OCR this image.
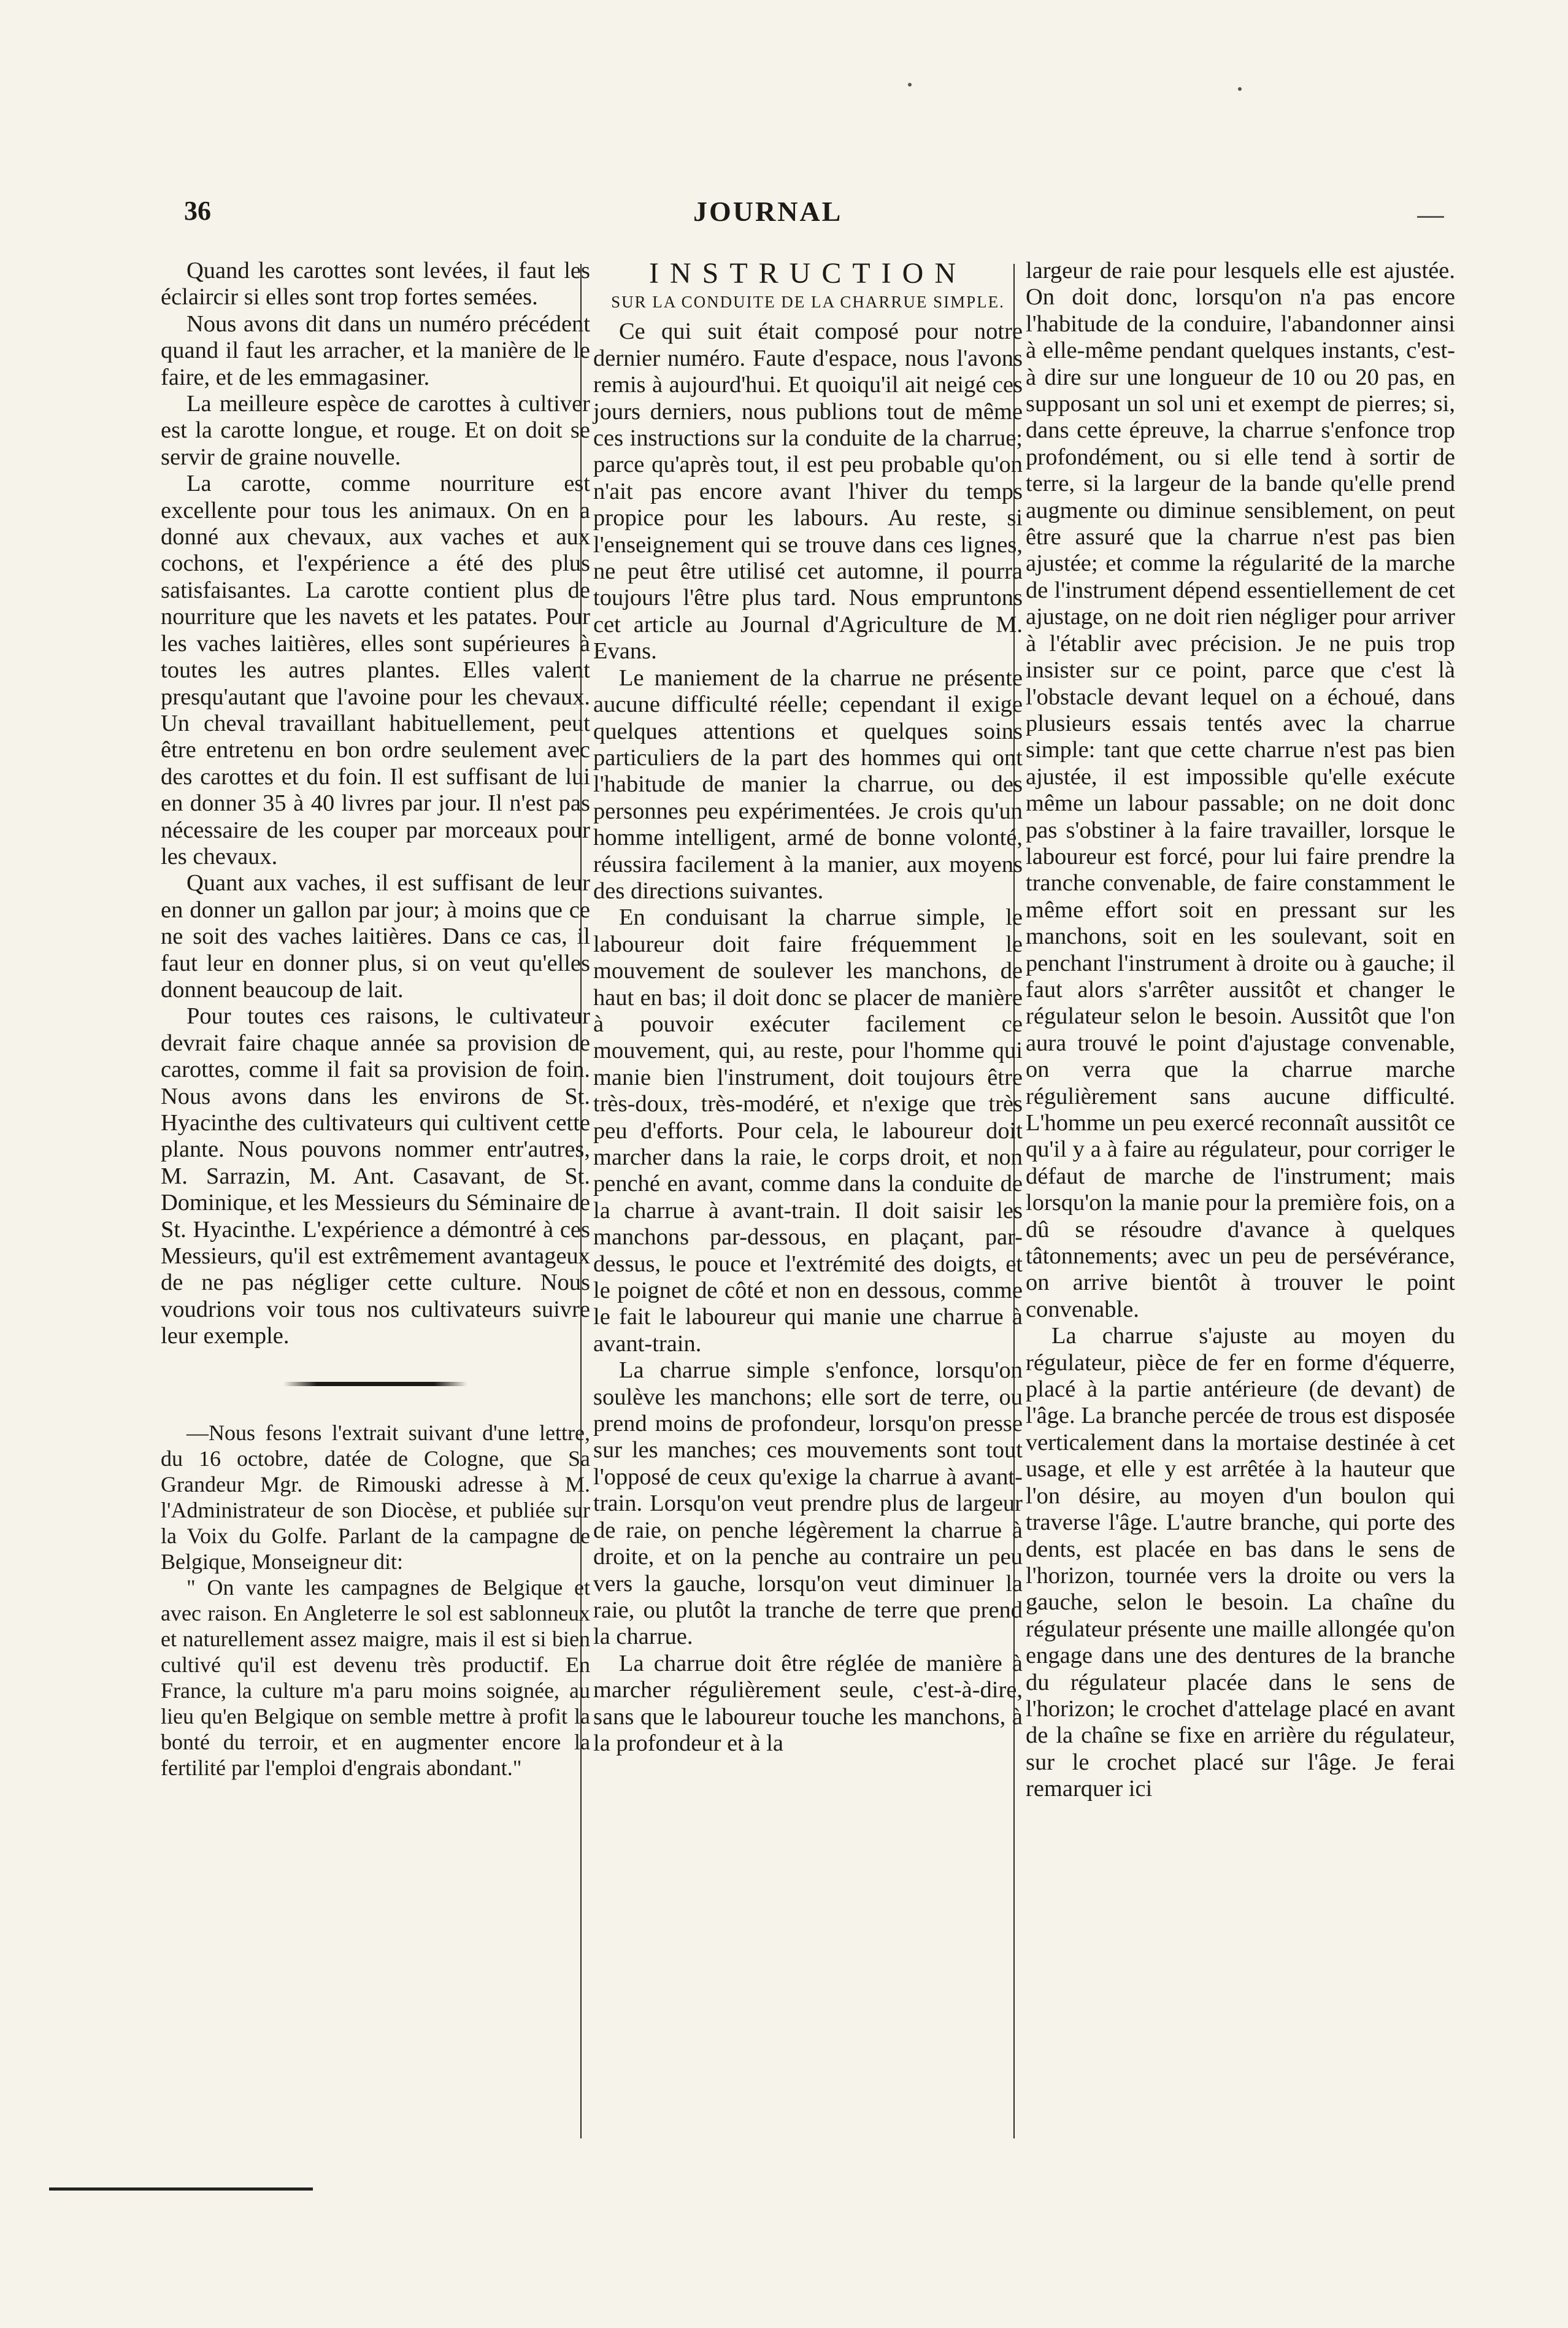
36	JOURNAL

Quand les carottes sont levées, il faut les éclaircir si elles sont trop fortes semées.

Nous avons dit dans un numéro précédent quand il faut les arracher, et la manière de le faire, et de les emmagasiner.

La meilleure espèce de carottes à cultiver est la carotte longue, et rouge. Et on doit se servir de graine nouvelle.

La carotte, comme nourriture est excellente pour tous les animaux. On en a donné aux chevaux, aux vaches et aux cochons, et l'expérience a été des plus satisfaisantes. La carotte contient plus de nourriture que les navets et les patates. Pour les vaches laitières, elles sont supérieures à toutes les autres plantes. Elles valent presqu'autant que l'avoine pour les chevaux. Un cheval travaillant habituellement, peut être entretenu en bon ordre seulement avec des carottes et du foin. Il est suffisant de lui en donner 35 à 40 livres par jour. Il n'est pas nécessaire de les couper par morceaux pour les chevaux.

Quant aux vaches, il est suffisant de leur en donner un gallon par jour; à moins que ce ne soit des vaches laitières. Dans ce cas, il faut leur en donner plus, si on veut qu'elles donnent beaucoup de lait.

Pour toutes ces raisons, le cultivateur devrait faire chaque année sa provision de carottes, comme il fait sa provision de foin. Nous avons dans les environs de St. Hyacinthe des cultivateurs qui cultivent cette plante. Nous pouvons nommer entr'autres, M. Sarrazin, M. Ant. Casavant, de St. Dominique, et les Messieurs du Séminaire de St. Hyacinthe. L'expérience a démontré à ces Messieurs, qu'il est extrêmement avantageux de ne pas négliger cette culture. Nous voudrions voir tous nos cultivateurs suivre leur exemple.

—Nous fesons l'extrait suivant d'une lettre, du 16 octobre, datée de Cologne, que Sa Grandeur Mgr. de Rimouski adresse à M. l'Administrateur de son Diocèse, et publiée sur la Voix du Golfe. Parlant de la campagne de Belgique, Monseigneur dit:

" On vante les campagnes de Belgique et avec raison. En Angleterre le sol est sablonneux et naturellement assez maigre, mais il est si bien cultivé qu'il est devenu très productif. En France, la culture m'a paru moins soignée, au lieu qu'en Belgique on semble mettre à profit la bonté du terroir, et en augmenter encore la fertilité par l'emploi d'engrais abondant."

INSTRUCTION
SUR LA CONDUITE DE LA CHARRUE SIMPLE.

Ce qui suit était composé pour notre dernier numéro. Faute d'espace, nous l'avons remis à aujourd'hui. Et quoiqu'il ait neigé ces jours derniers, nous publions tout de même ces instructions sur la conduite de la charrue; parce qu'après tout, il est peu probable qu'on n'ait pas encore avant l'hiver du temps propice pour les labours. Au reste, si l'enseignement qui se trouve dans ces lignes, ne peut être utilisé cet automne, il pourra toujours l'être plus tard. Nous empruntons cet article au Journal d'Agriculture de M. Evans.

Le maniement de la charrue ne présente aucune difficulté réelle; cependant il exige quelques attentions et quelques soins particuliers de la part des hommes qui ont l'habitude de manier la charrue, ou des personnes peu expérimentées. Je crois qu'un homme intelligent, armé de bonne volonté, réussira facilement à la manier, aux moyens des directions suivantes.

En conduisant la charrue simple, le laboureur doit faire fréquemment le mouvement de soulever les manchons, de haut en bas; il doit donc se placer de manière à pouvoir exécuter facilement ce mouvement, qui, au reste, pour l'homme qui manie bien l'instrument, doit toujours être très-doux, très-modéré, et n'exige que très peu d'efforts. Pour cela, le laboureur doit marcher dans la raie, le corps droit, et non penché en avant, comme dans la conduite de la charrue à avant-train. Il doit saisir les manchons par-dessous, en plaçant, par-dessus, le pouce et l'extrémité des doigts, et le poignet de côté et non en dessous, comme le fait le laboureur qui manie une charrue à avant-train.

La charrue simple s'enfonce, lorsqu'on soulève les manchons; elle sort de terre, ou prend moins de profondeur, lorsqu'on presse sur les manches; ces mouvements sont tout l'opposé de ceux qu'exige la charrue à avant-train. Lorsqu'on veut prendre plus de largeur de raie, on penche légèrement la charrue à droite, et on la penche au contraire un peu vers la gauche, lorsqu'on veut diminuer la raie, ou plutôt la tranche de terre que prend la charrue.

La charrue doit être réglée de manière à marcher régulièrement seule, c'est-à-dire, sans que le laboureur touche les manchons, à la profondeur et à la

largeur de raie pour lesquels elle est ajustée. On doit donc, lorsqu'on n'a pas encore l'habitude de la conduire, l'abandonner ainsi à elle-même pendant quelques instants, c'est-à dire sur une longueur de 10 ou 20 pas, en supposant un sol uni et exempt de pierres; si, dans cette épreuve, la charrue s'enfonce trop profondément, ou si elle tend à sortir de terre, si la largeur de la bande qu'elle prend augmente ou diminue sensiblement, on peut être assuré que la charrue n'est pas bien ajustée; et comme la régularité de la marche de l'instrument dépend essentiellement de cet ajustage, on ne doit rien négliger pour arriver à l'établir avec précision. Je ne puis trop insister sur ce point, parce que c'est là l'obstacle devant lequel on a échoué, dans plusieurs essais tentés avec la charrue simple: tant que cette charrue n'est pas bien ajustée, il est impossible qu'elle exécute même un labour passable; on ne doit donc pas s'obstiner à la faire travailler, lorsque le laboureur est forcé, pour lui faire prendre la tranche convenable, de faire constamment le même effort soit en pressant sur les manchons, soit en les soulevant, soit en penchant l'instrument à droite ou à gauche; il faut alors s'arrêter aussitôt et changer le régulateur selon le besoin. Aussitôt que l'on aura trouvé le point d'ajustage convenable, on verra que la charrue marche régulièrement sans aucune difficulté. L'homme un peu exercé reconnaît aussitôt ce qu'il y a à faire au régulateur, pour corriger le défaut de marche de l'instrument; mais lorsqu'on la manie pour la première fois, on a dû se résoudre d'avance à quelques tâtonnements; avec un peu de persévérance, on arrive bientôt à trouver le point convenable.

La charrue s'ajuste au moyen du régulateur, pièce de fer en forme d'équerre, placé à la partie antérieure (de devant) de l'âge. La branche percée de trous est disposée verticalement dans la mortaise destinée à cet usage, et elle y est arrêtée à la hauteur que l'on désire, au moyen d'un boulon qui traverse l'âge. L'autre branche, qui porte des dents, est placée en bas dans le sens de l'horizon, tournée vers la droite ou vers la gauche, selon le besoin. La chaîne du régulateur présente une maille allongée qu'on engage dans une des dentures de la branche du régulateur placée dans le sens de l'horizon; le crochet d'attelage placé en avant de la chaîne se fixe en arrière du régulateur, sur le crochet placé sur l'âge. Je ferai remarquer ici
